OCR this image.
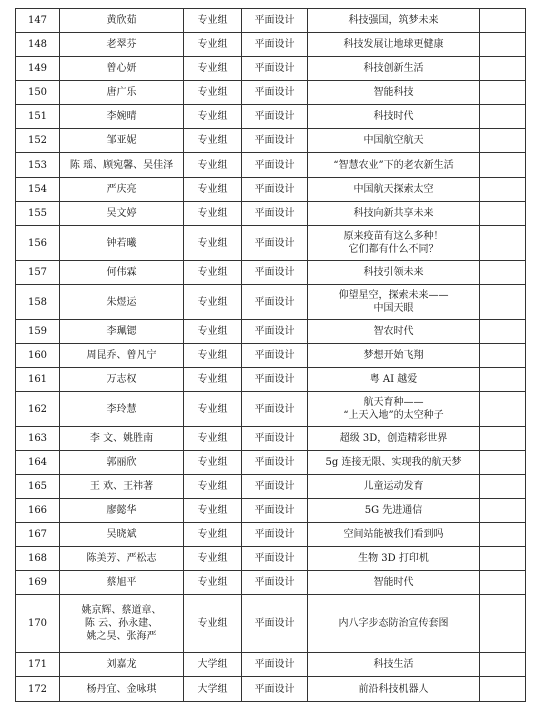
147	黄欣茹	专业组	平面设计	科技强国，筑梦未来	
148	老翠芬	专业组	平面设计	科技发展让地球更健康	
149	曾心妍	专业组	平面设计	科技创新生活	
150	唐广乐	专业组	平面设计	智能科技	
151	李婉晴	专业组	平面设计	科技时代	
152	邹亚妮	专业组	平面设计	中国航空航天	
153	陈 瑶、顾宛馨、吴佳泽	专业组	平面设计	“智慧农业”下的老农新生活	
154	严庆亮	专业组	平面设计	中国航天探索太空	
155	吴文婷	专业组	平面设计	科技向新共享未来	
156	钟若曦	专业组	平面设计	原来疫苗有这么多种！
它们都有什么不同？	
157	何伟霖	专业组	平面设计	科技引领未来	
158	朱煜运	专业组	平面设计	仰望星空，探索未来——
中国天眼	
159	李珮锶	专业组	平面设计	智农时代	
160	周昆乔、曾凡宁	专业组	平面设计	梦想开始飞翔	
161	万志权	专业组	平面设计	粤 AI 越爱	
162	李玲慧	专业组	平面设计	航天育种——
“上天入地”的太空种子	
163	李 文、姚胜南	专业组	平面设计	超级 3D，创造精彩世界	
164	郭丽欣	专业组	平面设计	5g 连接无限、实现我的航天梦	
165	王 欢、王祎著	专业组	平面设计	儿童运动发育	
166	廖懿华	专业组	平面设计	5G 先进通信	
167	吴晓斌	专业组	平面设计	空间站能被我们看到吗	
168	陈美芳、严松志	专业组	平面设计	生物 3D 打印机	
169	蔡旭平	专业组	平面设计	智能时代	
170	姚京辉、蔡道章、
陈 云、孙永建、
姚之昊、张海严	专业组	平面设计	内八字步态防治宣传套图	
171	刘嘉龙	大学组	平面设计	科技生活	
172	杨丹宜、金咏琪	大学组	平面设计	前沿科技机器人	
